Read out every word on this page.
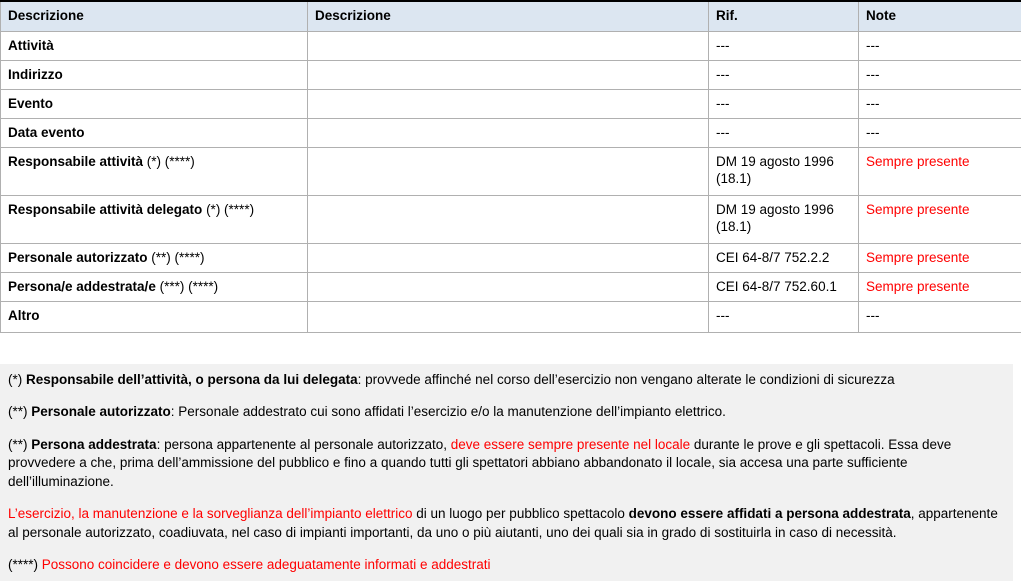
Descrizione	Descrizione	Rif.	Note
Attività		---	---
Indirizzo		---	---
Evento		---	---
Data evento		---	---
Responsabile attività (*) (****)		DM 19 agosto 1996 (18.1)	Sempre presente
Responsabile attività delegato (*) (****)		DM 19 agosto 1996 (18.1)	Sempre presente
Personale autorizzato (**) (****)		CEI 64-8/7 752.2.2	Sempre presente
Persona/e addestrata/e (***) (****)		CEI 64-8/7 752.60.1	Sempre presente
Altro		---	---

(*) Responsabile dell’attività, o persona da lui delegata: provvede affinché nel corso dell’esercizio non vengano alterate le condizioni di sicurezza

(**) Personale autorizzato: Personale addestrato cui sono affidati l’esercizio e/o la manutenzione dell’impianto elettrico.

(**) Persona addestrata: persona appartenente al personale autorizzato, deve essere sempre presente nel locale durante le prove e gli spettacoli. Essa deve provvedere a che, prima dell’ammissione del pubblico e fino a quando tutti gli spettatori abbiano abbandonato il locale, sia accesa una parte sufficiente dell’illuminazione.

L’esercizio, la manutenzione e la sorveglianza dell’impianto elettrico di un luogo per pubblico spettacolo devono essere affidati a persona addestrata, appartenente al personale autorizzato, coadiuvata, nel caso di impianti importanti, da uno o più aiutanti, uno dei quali sia in grado di sostituirla in caso di necessità.

(****) Possono coincidere e devono essere adeguatamente informati e addestrati
